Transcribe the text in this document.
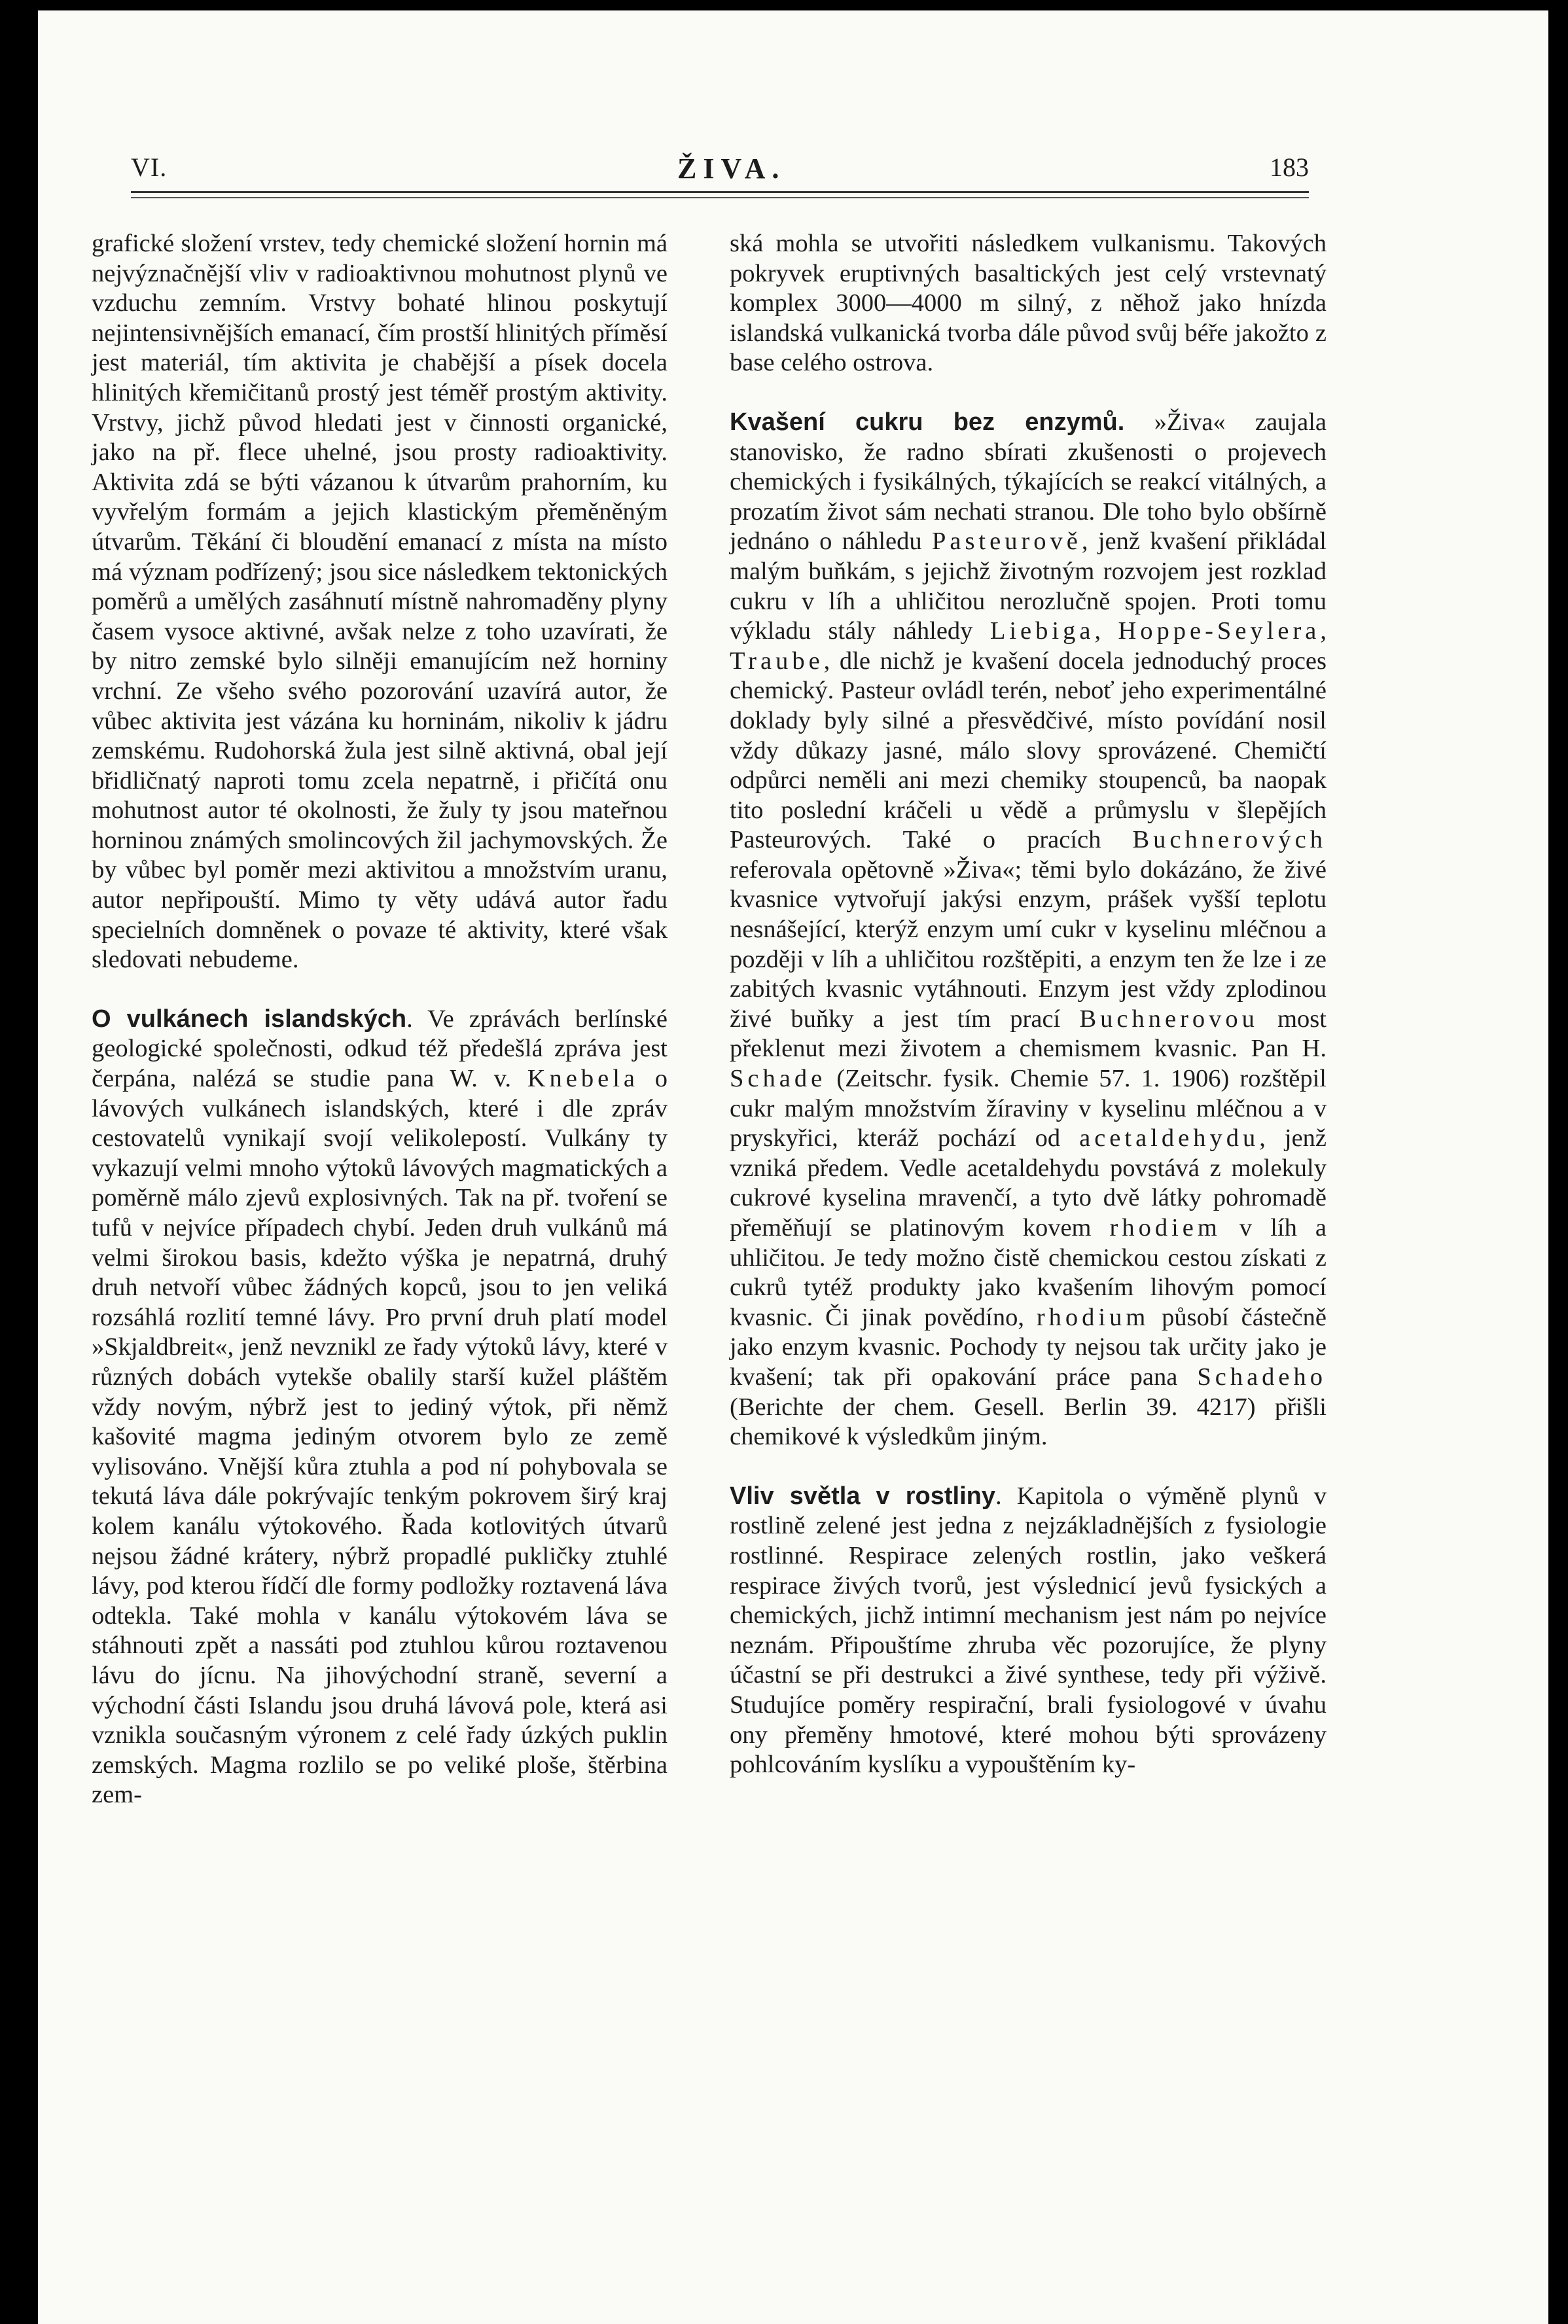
VI.	ŽIVA.	183

grafické složení vrstev, tedy chemické složení hornin má nejvýznačnější vliv v radioaktivnou mohutnost plynů ve vzduchu zemním. Vrstvy bohaté hlinou poskytují nejintensivnějších emanací, čím prostší hlinitých příměsí jest materiál, tím aktivita je chabější a písek docela hlinitých křemičitanů prostý jest téměř prostým aktivity. Vrstvy, jichž původ hledati jest v činnosti organické, jako na př. flece uhelné, jsou prosty radioaktivity. Aktivita zdá se býti vázanou k útvarům prahorním, ku vyvřelým formám a jejich klastickým přeměněným útvarům. Těkání či bloudění emanací z místa na místo má význam podřízený; jsou sice následkem tektonických poměrů a umělých zasáhnutí místně nahromaděny plyny časem vysoce aktivné, avšak nelze z toho uzavírati, že by nitro zemské bylo silněji emanujícím než horniny vrchní. Ze všeho svého pozorování uzavírá autor, že vůbec aktivita jest vázána ku horninám, nikoliv k jádru zemskému. Rudohorská žula jest silně aktivná, obal její břidličnatý naproti tomu zcela nepatrně, i přičítá onu mohutnost autor té okolnosti, že žuly ty jsou mateřnou horninou známých smolincových žil jachymovských. Že by vůbec byl poměr mezi aktivitou a množstvím uranu, autor nepřipouští. Mimo ty věty udává autor řadu specielních domněnek o povaze té aktivity, které však sledovati nebudeme.

O vulkánech islandských. Ve zprávách berlínské geologické společnosti, odkud též předešlá zpráva jest čerpána, nalézá se studie pana W. v. Knebela o lávových vulkánech islandských, které i dle zpráv cestovatelů vynikají svojí velikolepostí. Vulkány ty vykazují velmi mnoho výtoků lávových magmatických a poměrně málo zjevů explosivných. Tak na př. tvoření se tufů v nejvíce případech chybí. Jeden druh vulkánů má velmi širokou basis, kdežto výška je nepatrná, druhý druh netvoří vůbec žádných kopců, jsou to jen veliká rozsáhlá rozlití temné lávy. Pro první druh platí model »Skjaldbreit«, jenž nevznikl ze řady výtoků lávy, které v různých dobách vytekše obalily starší kužel pláštěm vždy novým, nýbrž jest to jediný výtok, při němž kašovité magma jediným otvorem bylo ze země vylisováno. Vnější kůra ztuhla a pod ní pohybovala se tekutá láva dále pokrývajíc tenkým pokrovem širý kraj kolem kanálu výtokového. Řada kotlovitých útvarů nejsou žádné krátery, nýbrž propadlé pukličky ztuhlé lávy, pod kterou řídčí dle formy podložky roztavená láva odtekla. Také mohla v kanálu výtokovém láva se stáhnouti zpět a nassáti pod ztuhlou kůrou roztavenou lávu do jícnu. Na jihovýchodní straně, severní a východní části Islandu jsou druhá lávová pole, která asi vznikla současným výronem z celé řady úzkých puklin zemských. Magma rozlilo se po veliké ploše, štěrbina zem-

ská mohla se utvořiti následkem vulkanismu. Takových pokryvek eruptivných basaltických jest celý vrstevnatý komplex 3000—4000 m silný, z něhož jako hnízda islandská vulkanická tvorba dále původ svůj béře jakožto z base celého ostrova.

Kvašení cukru bez enzymů. »Živa« zaujala stanovisko, že radno sbírati zkušenosti o projevech chemických i fysikálných, týkajících se reakcí vitálných, a prozatím život sám nechati stranou. Dle toho bylo obšírně jednáno o náhledu Pasteurově, jenž kvašení přikládal malým buňkám, s jejichž životným rozvojem jest rozklad cukru v líh a uhličitou nerozlučně spojen. Proti tomu výkladu stály náhledy Liebiga, Hoppe-Seylera, Traube, dle nichž je kvašení docela jednoduchý proces chemický. Pasteur ovládl terén, neboť jeho experimentálné doklady byly silné a přesvědčivé, místo povídání nosil vždy důkazy jasné, málo slovy sprovázené. Chemičtí odpůrci neměli ani mezi chemiky stoupenců, ba naopak tito poslední kráčeli u vědě a průmyslu v šlepějích Pasteurových. Také o pracích Buchnerových referovala opětovně »Živa«; těmi bylo dokázáno, že živé kvasnice vytvořují jakýsi enzym, prášek vyšší teplotu nesnášející, kterýž enzym umí cukr v kyselinu mléčnou a později v líh a uhličitou rozštěpiti, a enzym ten že lze i ze zabitých kvasnic vytáhnouti. Enzym jest vždy zplodinou živé buňky a jest tím prací Buchnerovou most překlenut mezi životem a chemismem kvasnic. Pan H. Schade (Zeitschr. fysik. Chemie 57. 1. 1906) rozštěpil cukr malým množstvím žíraviny v kyselinu mléčnou a v pryskyřici, kteráž pochází od acetaldehydu, jenž vzniká předem. Vedle acetaldehydu povstává z molekuly cukrové kyselina mravenčí, a tyto dvě látky pohromadě přeměňují se platinovým kovem rhodiem v líh a uhličitou. Je tedy možno čistě chemickou cestou získati z cukrů tytéž produkty jako kvašením lihovým pomocí kvasnic. Či jinak povědíno, rhodium působí částečně jako enzym kvasnic. Pochody ty nejsou tak určity jako je kvašení; tak při opakování práce pana Schadeho (Berichte der chem. Gesell. Berlin 39. 4217) přišli chemikové k výsledkům jiným.

Vliv světla v rostliny. Kapitola o výměně plynů v rostlině zelené jest jedna z nejzákladnějších z fysiologie rostlinné. Respirace zelených rostlin, jako veškerá respirace živých tvorů, jest výslednicí jevů fysických a chemických, jichž intimní mechanism jest nám po nejvíce neznám. Připouštíme zhruba věc pozorujíce, že plyny účastní se při destrukci a živé synthese, tedy při výživě. Studujíce poměry respirační, brali fysiologové v úvahu ony přeměny hmotové, které mohou býti sprovázeny pohlcováním kyslíku a vypouštěním ky-
